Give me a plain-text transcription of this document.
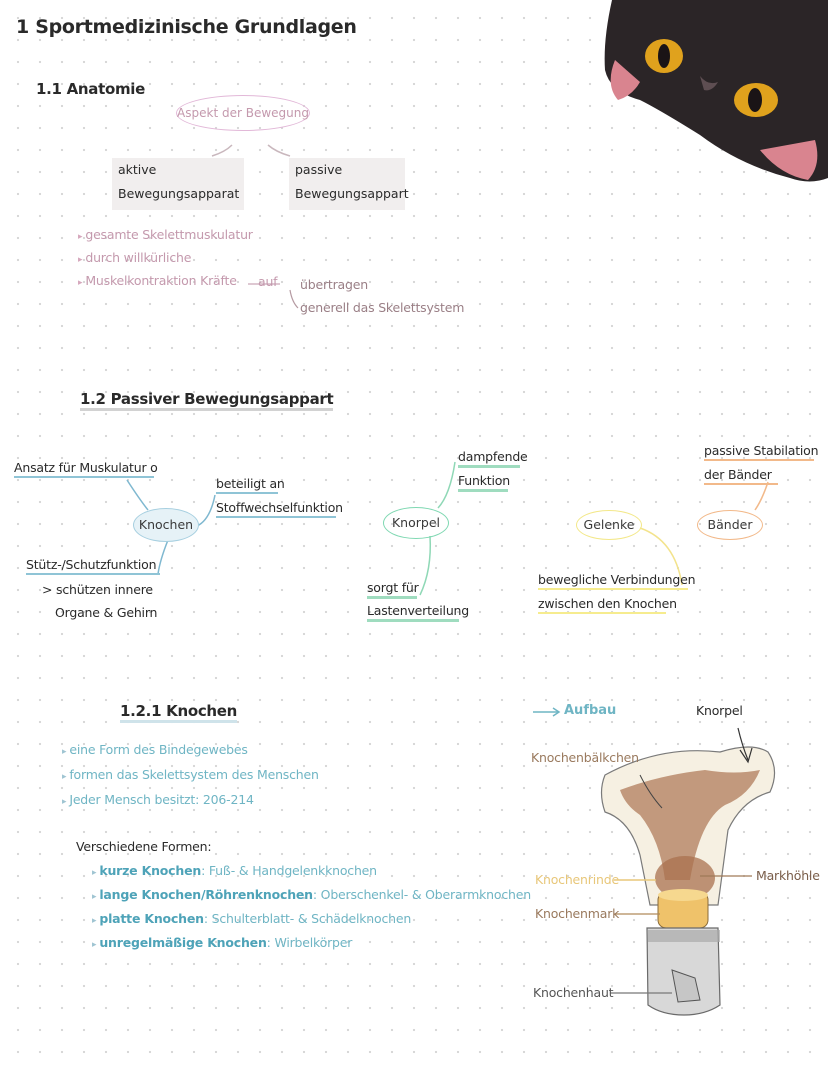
1 Sportmedizinische Grundlagen
1.1 Anatomie
Aspekt der Bewegung
aktive
Bewegungsapparat
passive
Bewegungsappart
▸ gesamte Skelettmuskulatur
▸ durch willkürliche
▸ Muskelkontraktion Kräfte auf übertragen
generell das Skelettsystem
1.2 Passiver Bewegungsappart
Ansatz für Muskulatur o
beteiligt an
Stoffwechselfunktion
Knochen
Stütz-/Schutzfunktion
> schützen innere
Organe & Gehirn
dampfende
Funktion
Knorpel
sorgt für
Lastenverteilung
Gelenke
bewegliche Verbindungen
zwischen den Knochen
passive Stabilation
der Bänder
Bänder
1.2.1 Knochen
▸ eine Form des Bindegewebes
▸ formen das Skelettsystem des Menschen
▸ Jeder Mensch besitzt: 206-214
Verschiedene Formen:
▸ kurze Knochen: Fuß- & Handgelenkknochen
▸ lange Knochen/Röhrenknochen: Oberschenkel- & Oberarmknochen
▸ platte Knochen: Schulterblatt- & Schädelknochen
▸ unregelmäßige Knochen: Wirbelkörper
Aufbau	Knorpel
Knochenbälkchen
Markhöhle
Knochenrinde
Knochenmark
Knochenhaut
